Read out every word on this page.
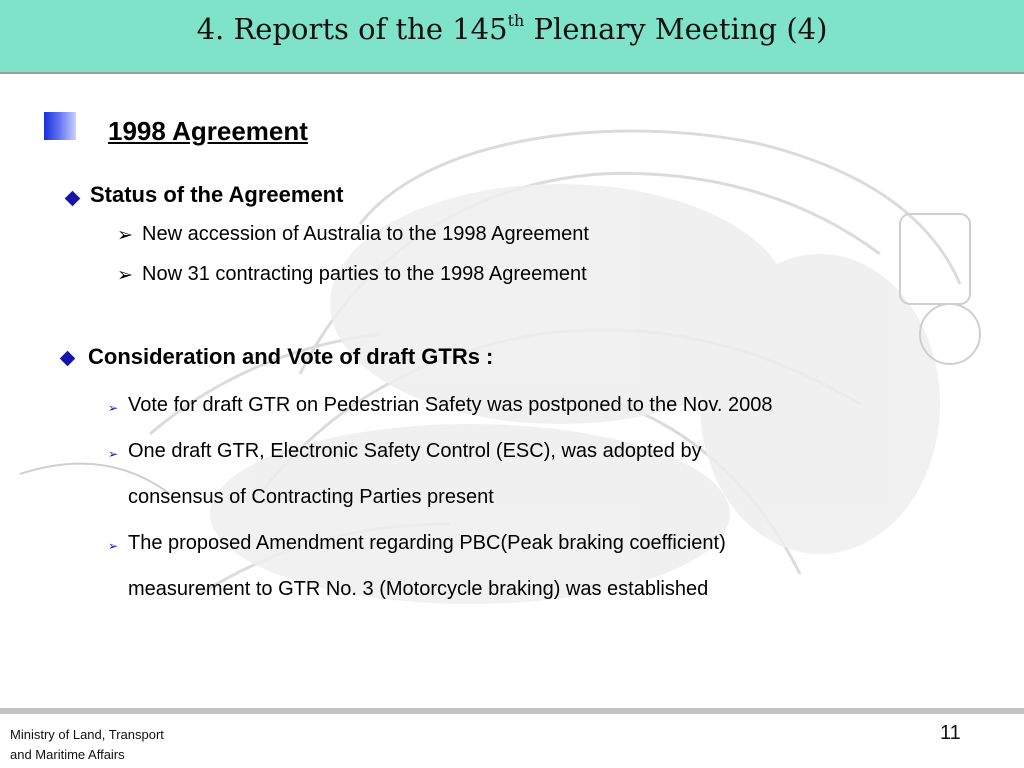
4. Reports of the 145th Plenary Meeting (4)
1998 Agreement
Status of the Agreement
➢ New accession of Australia to the 1998 Agreement
➢ Now 31 contracting parties to the 1998 Agreement
Consideration and Vote of draft GTRs :
➢ Vote for draft GTR on Pedestrian Safety was postponed to the Nov. 2008
➢ One draft GTR, Electronic Safety Control (ESC), was adopted by
consensus of Contracting Parties present
➢ The proposed Amendment regarding PBC(Peak braking coefficient)
measurement to GTR No. 3 (Motorcycle braking) was established
Ministry of Land, Transport
and Maritime Affairs
11
